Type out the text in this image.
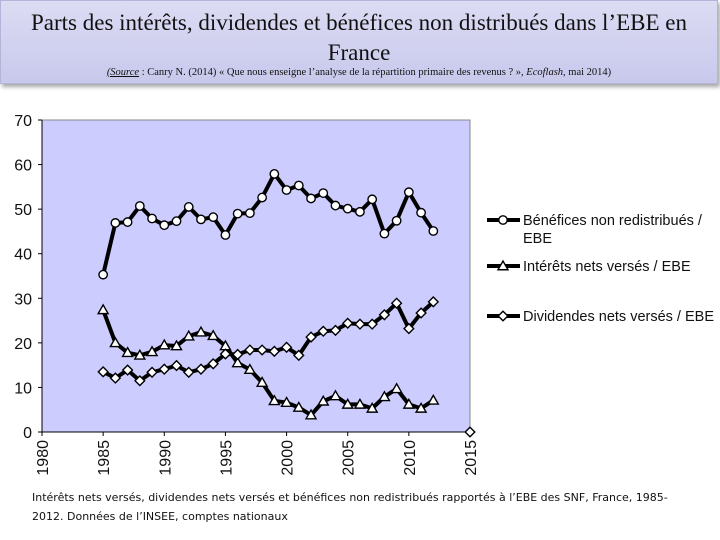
Parts des intérêts, dividendes et bénéfices non distribués dans l’EBE en France
(Source : Canry N. (2014) « Que nous enseigne l’analyse de la répartition primaire des revenus ? », Ecoflash, mai 2014)
0
10
20
30
40
50
60
70
1980	1985	1990	1995	2000	2005	2010	2015
Bénéfices non redistribués /
EBE
Intérêts nets versés / EBE
Dividendes nets versés / EBE
Intérêts nets versés, dividendes nets versés et bénéfices non redistribués rapportés à l’EBE des SNF, France, 1985-2012. Données de l’INSEE, comptes nationaux
